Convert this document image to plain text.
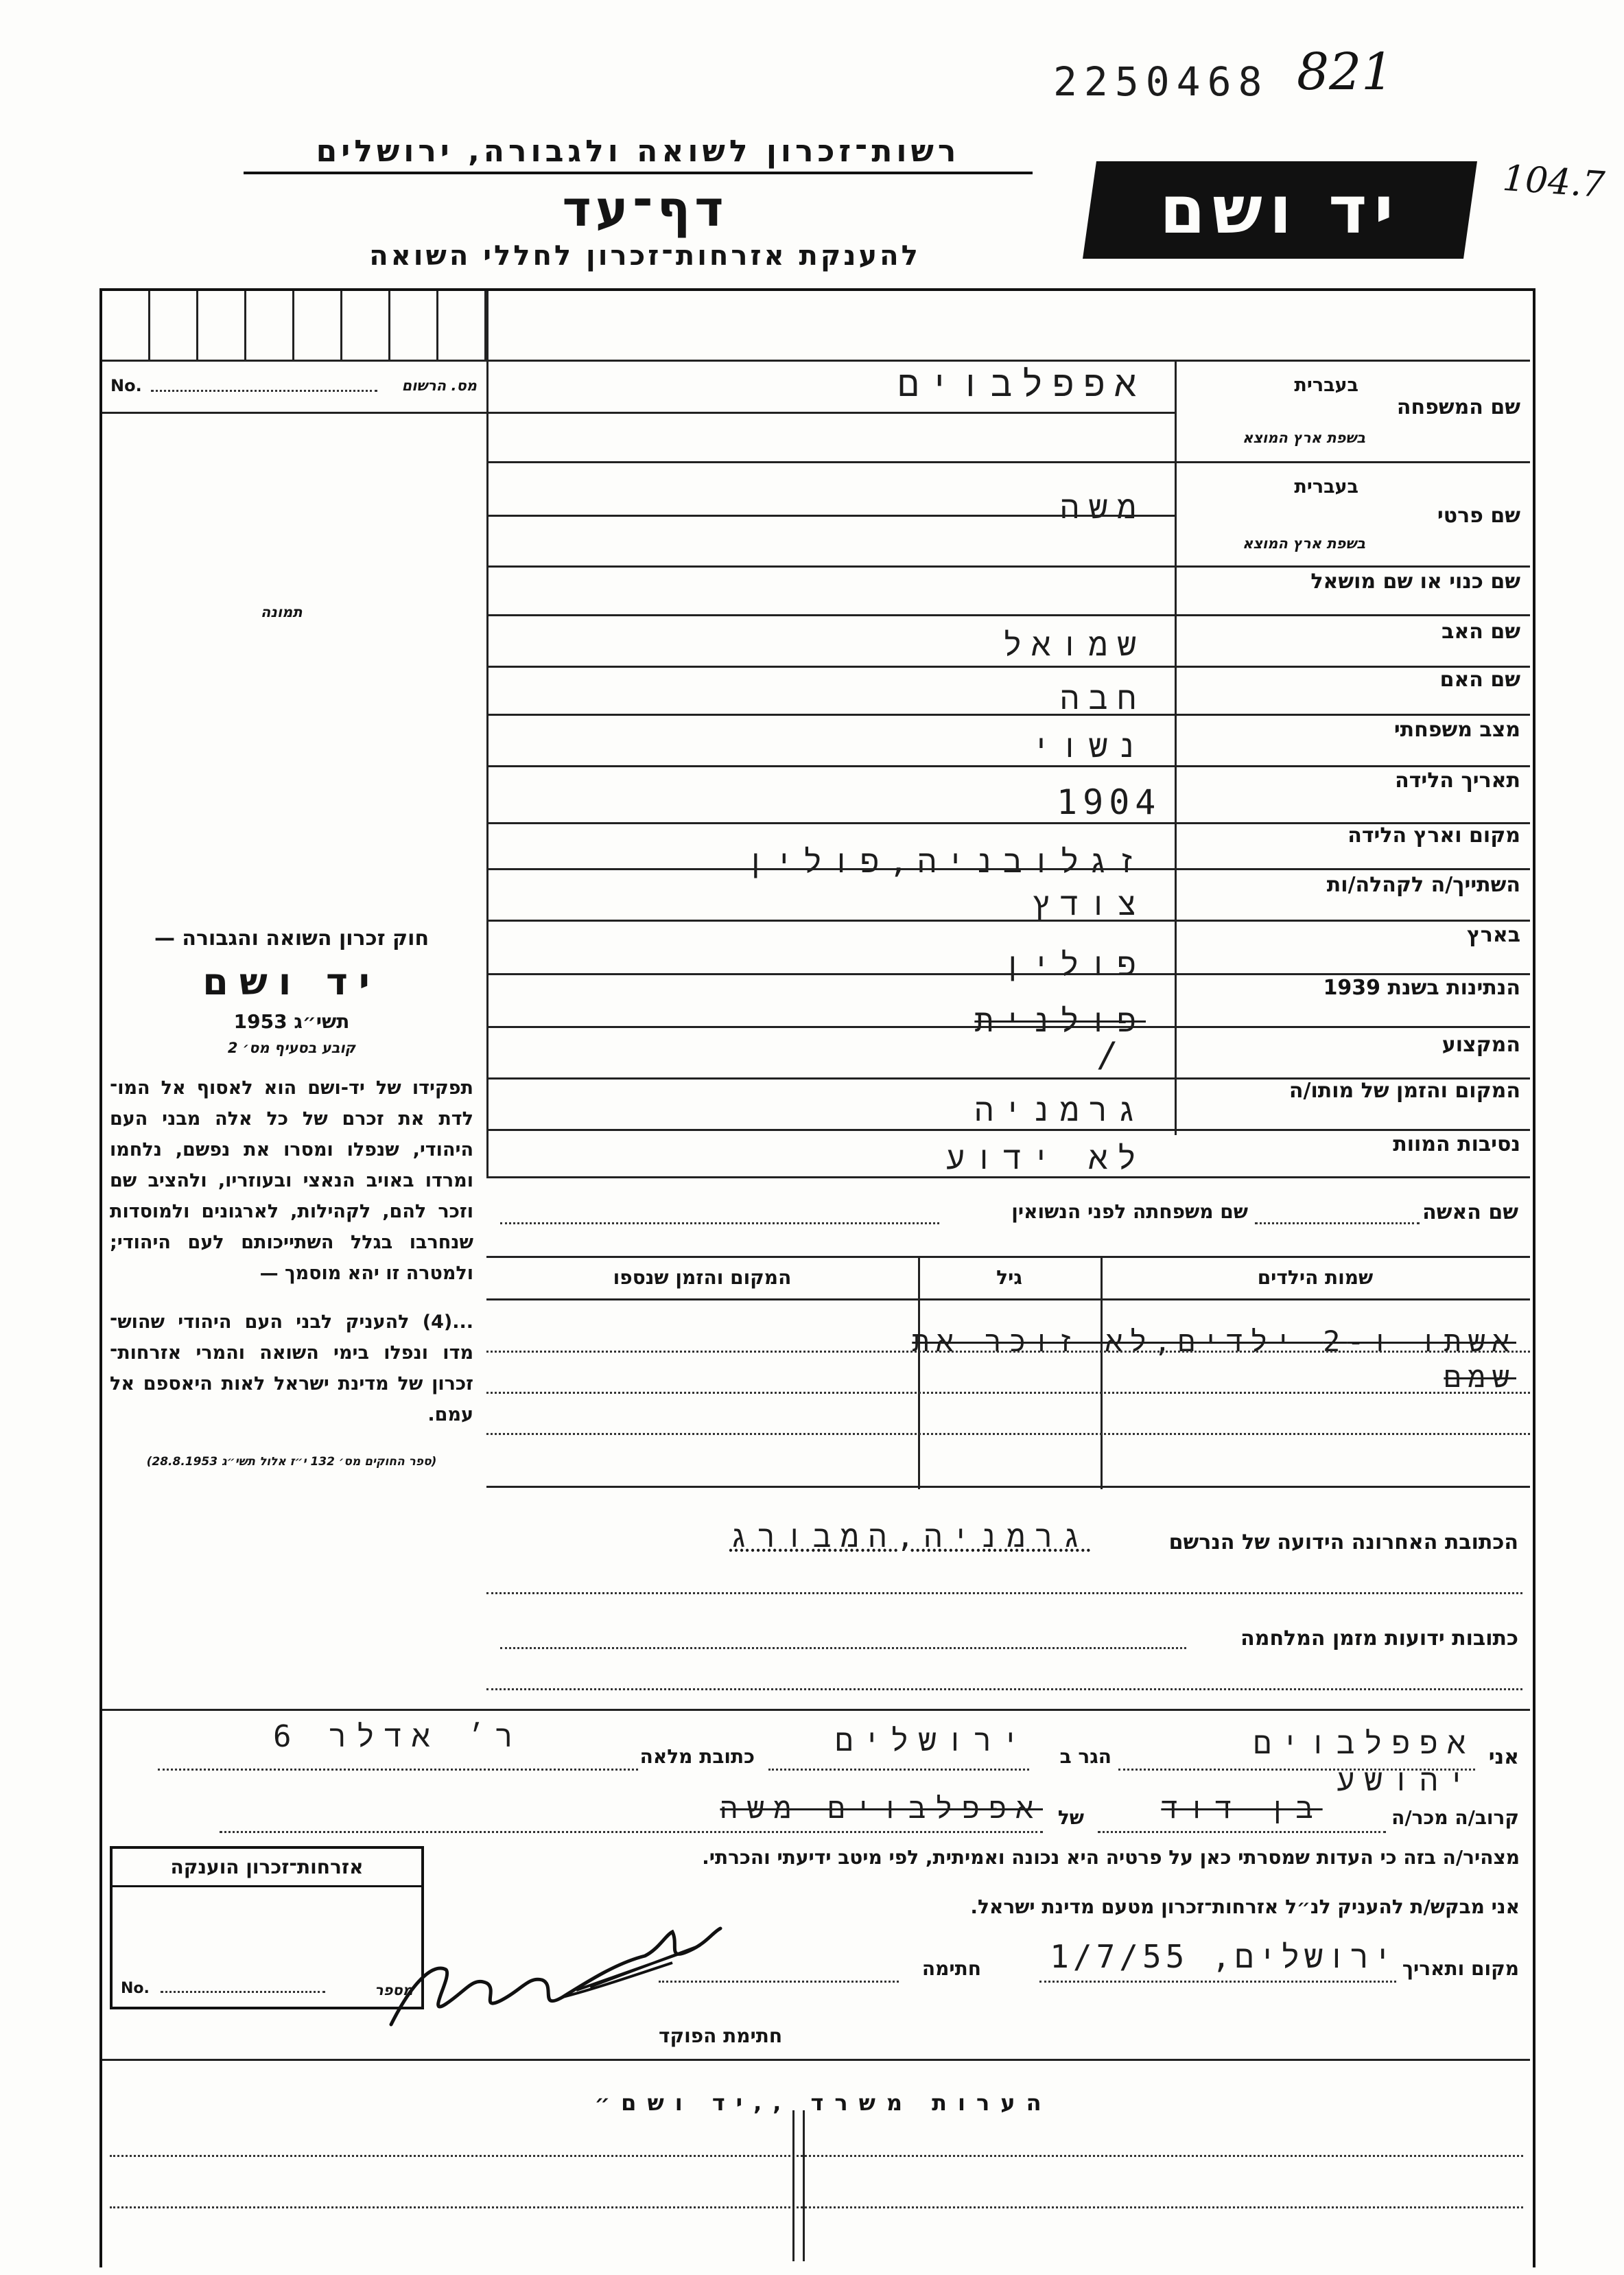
2250468 821
104.7
רשות־זכרון לשואה ולגבורה, ירושלים
דף־עד
להענקת אזרחות־זכרון לחללי השואה
יד ושם
No.	מס. הרשום
תמונה
חוק זכרון השואה והגבורה —
יד ושם
תשי״ג 1953
קובע בסעיף מס׳ 2
תפקידו של יד-ושם הוא לאסוף אל המו־ לדת את זכרם של כל אלה מבני העם היהודי, שנפלו ומסרו את נפשם, נלחמו ומרדו באויב הנאצי ובעוזריו, ולהציב שם וזכר להם, לקהילות, לארגונים ולמוסדות שנחרבו בגלל השתייכותם לעם היהודי; ולמטרה זו יהא מוסמך —
...(4) להעניק לבני העם היהודי שהוש־ מדו ונפלו בימי השואה והמרי אזרחות־ זכרון של מדינת ישראל לאות היאספם אל עמם.
(ספר החוקים מס׳ 132 י״ז אלול תשי״ג 28.8.1953)
שם המשפחה
בעברית
בשפת ארץ המוצא
אפפלבוים
שם פרטי
בעברית
בשפת ארץ המוצא
משה
שם כנוי או שם מושאל
שם האב
שמואל
שם האם
חבה
מצב משפחתי
נשוי
תאריך הלידה
1904
מקום וארץ הלידה
זגלובניה,פולין
השתייך/ה לקהלה/ות
צודץ
בארץ
פולין
הנתינות בשנת 1939
פולנית
המקצוע
/
המקום והזמן של מותו/ה
גרמניה
נסיבות המוות
לא ידוע
שם האשה
שם משפחתה לפני הנשואין
שמות הילדים
גיל
המקום והזמן שנספו
אשתו ו-2 ילדים,לא זוכר את שמם
הכתובת האחרונה הידועה של הנרשם
גרמניה,המבורג
כתובות ידועות מזמן המלחמה
אני
אפפלבוים יהושע
הגר ב
ירושלים
כתובת מלאה
ר׳ אדלר 6
קרוב/ה מכר/ה
בן דוד
של
אפפלבוים משה
מצהיר/ה בזה כי העדות שמסרתי כאן על פרטיה היא נכונה ואמיתית, לפי מיטב ידיעתי והכרתי.
אני מבקש/ת להעניק לנ״ל אזרחות־זכרון מטעם מדינת ישראל.
מקום ותאריך
ירושלים, 1/7/55
חתימה
חתימת הפוקד
אזרחות־זכרון הוענקה
No.	מספר
הערות משרד ,,יד ושם״
